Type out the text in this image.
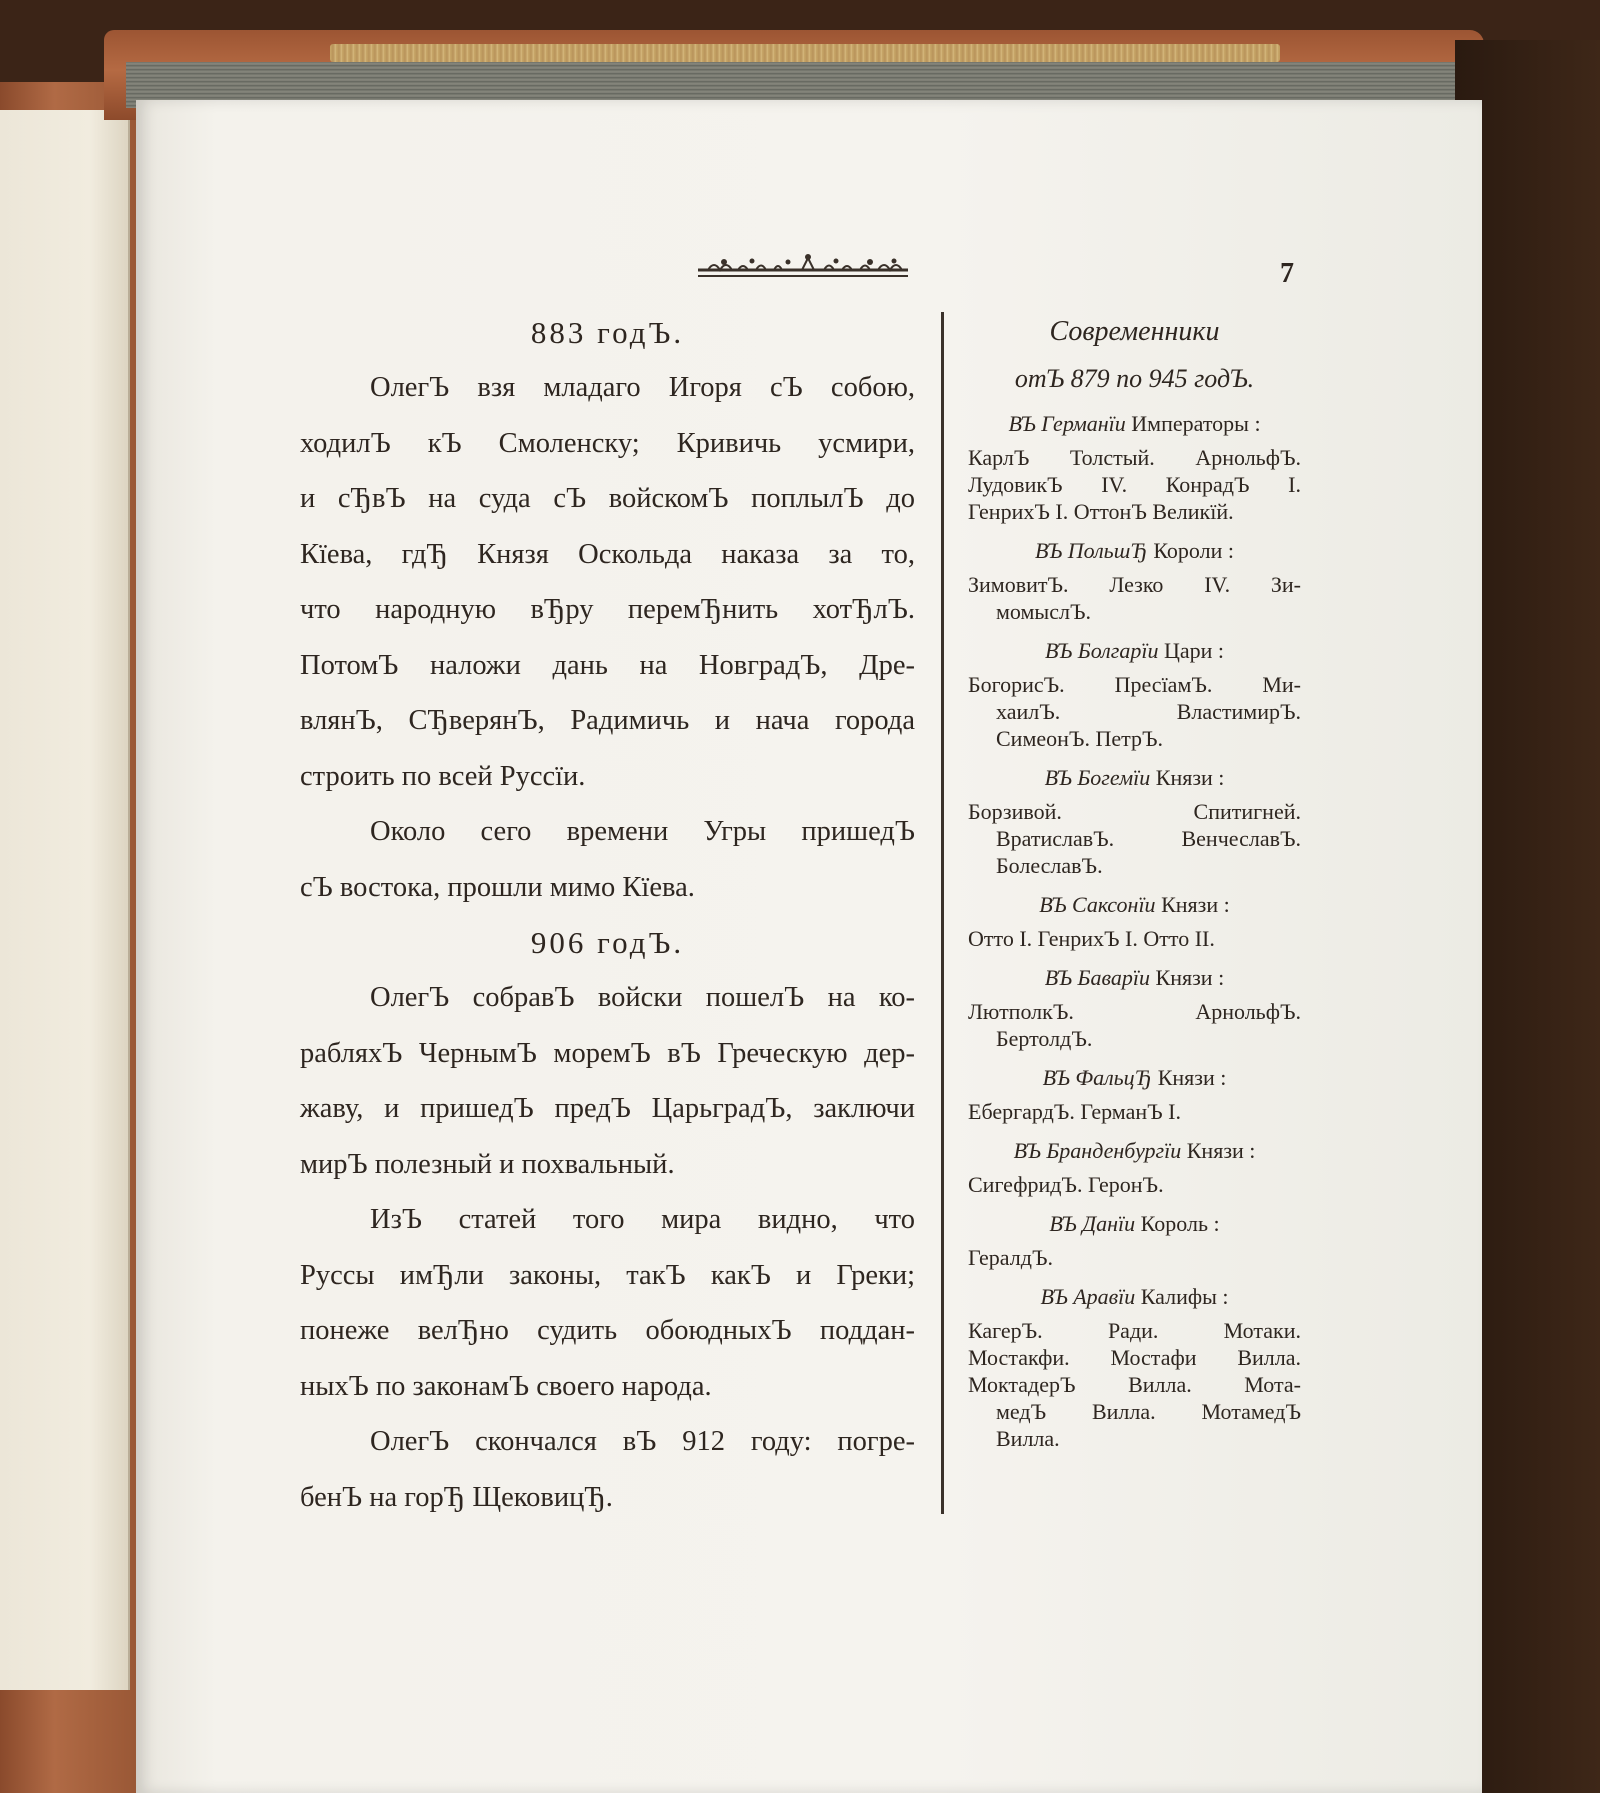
7

883 годЪ.

ОлегЪ взя младаго Игоря сЪ собою,

ходилЪ кЪ Смоленску; Кривичь усмири,

и сЂвЪ на суда сЪ войскомЪ поплылЪ до

Кїева, гдЂ Князя Оскольда наказа за то,

что народную вЂру перемЂнить хотЂлЪ.

ПотомЪ наложи дань на НовградЪ, Дре-

влянЪ, СЂверянЪ, Радимичь и нача города

строить по всей Руссїи.

Около сего времени Угры пришедЪ

сЪ востока, прошли мимо Кїева.

906 годЪ.

ОлегЪ собравЪ войски пошелЪ на ко-

рабляхЪ ЧернымЪ моремЪ вЪ Греческую дер-

жаву, и пришедЪ предЪ ЦарьградЪ, заключи

мирЪ полезный и похвальный.

ИзЪ статей того мира видно, что

Руссы имЂли законы, такЪ какЪ и Греки;

понеже велЂно судить обоюдныхЪ поддан-

ныхЪ по законамЪ своего народа.

ОлегЪ скончался вЪ 912 году: погре-

бенЪ на горЂ ЩековицЂ.

Современники

отЪ 879 по 945 годЪ.

ВЪ Германїи Императоры :

КарлЪ Толстый. АрнольфЪ.

ЛудовикЪ IV. КонрадЪ I.

ГенрихЪ I. ОттонЪ Великїй.

ВЪ ПольшЂ Короли :

ЗимовитЪ. Лезко IV. Зи-

момыслЪ.

ВЪ Болгарїи Цари :

БогорисЪ. ПресїамЪ. Ми-

хаилЪ. ВластимирЪ.

СимеонЪ. ПетрЪ.

ВЪ Богемїи Князи :

Борзивой. Спитигней.

ВратиславЪ. ВенчеславЪ.

БолеславЪ.

ВЪ Саксонїи Князи :

Отто I. ГенрихЪ I. Отто II.

ВЪ Баварїи Князи :

ЛютполкЪ. АрнольфЪ.

БертолдЪ.

ВЪ ФальцЂ Князи :

ЕбергардЪ. ГерманЪ I.

ВЪ Бранденбургїи Князи :

СигефридЪ. ГеронЪ.

ВЪ Данїи Король :

ГералдЪ.

ВЪ Аравїи Калифы :

КагерЪ. Ради. Мотаки.

Мостакфи. Мостафи Вилла.

МоктадерЪ Вилла. Мота-

медЪ Вилла. МотамедЪ

Вилла.
